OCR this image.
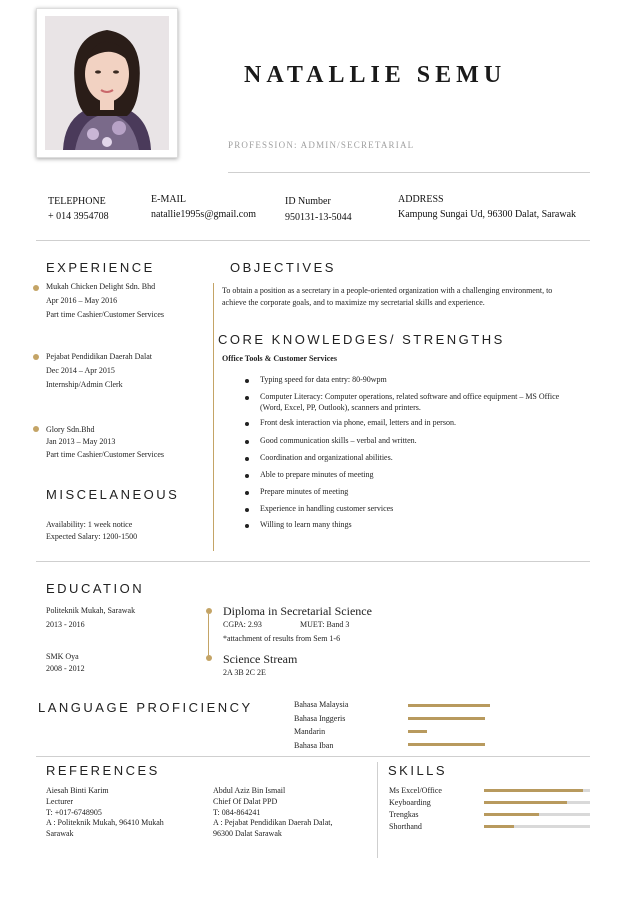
NATALLIE SEMU
PROFESSION: ADMIN/SECRETARIAL
TELEPHONE
+ 014 3954708
E-MAIL
natallie1995s@gmail.com
ID Number
950131-13-5044
ADDRESS
Kampung Sungai Ud, 96300 Dalat, Sarawak
EXPERIENCE
Mukah Chicken Delight Sdn. Bhd
Apr 2016 – May 2016
Part time Cashier/Customer Services
Pejabat Pendidikan Daerah Dalat
Dec 2014 – Apr 2015
Internship/Admin Clerk
Glory Sdn.Bhd
Jan 2013 – May 2013
Part time Cashier/Customer Services
OBJECTIVES
To obtain a position as a secretary in a people-oriented organization with a challenging environment, to
achieve the corporate goals, and to maximize my secretarial skills and experience.
CORE KNOWLEDGES/ STRENGTHS
Office Tools & Customer Services
Typing speed for data entry: 80-90wpm
Computer Literacy: Computer operations, related software and office equipment – MS Office
(Word, Excel, PP, Outlook), scanners and printers.
Front desk interaction via phone, email, letters and in person.
Good communication skills – verbal and written.
Coordination and organizational abilities.
Able to prepare minutes of meeting
Prepare minutes of meeting
Experience in handling customer services
Willing to learn many things
MISCELANEOUS
Availability: 1 week notice
Expected Salary: 1200-1500
EDUCATION
Politeknik Mukah, Sarawak
2013 - 2016
SMK Oya
2008 - 2012
Diploma in Secretarial Science
CGPA: 2.93	MUET: Band 3
*attachment of results from Sem 1-6
Science Stream
2A 3B 2C 2E
LANGUAGE PROFICIENCY	Bahasa Malaysia
Bahasa Inggeris
Mandarin
Bahasa Iban
REFERENCES
Aiesah Binti Karim
Lecturer
T: +017-6748905
A : Politeknik Mukah, 96410 Mukah
Sarawak
Abdul Aziz Bin Ismail
Chief Of Dalat PPD
T: 084-864241
A : Pejabat Pendidikan Daerah Dalat,
96300 Dalat Sarawak
SKILLS
Ms Excel/Office
Keyboarding
Trengkas
Shorthand
